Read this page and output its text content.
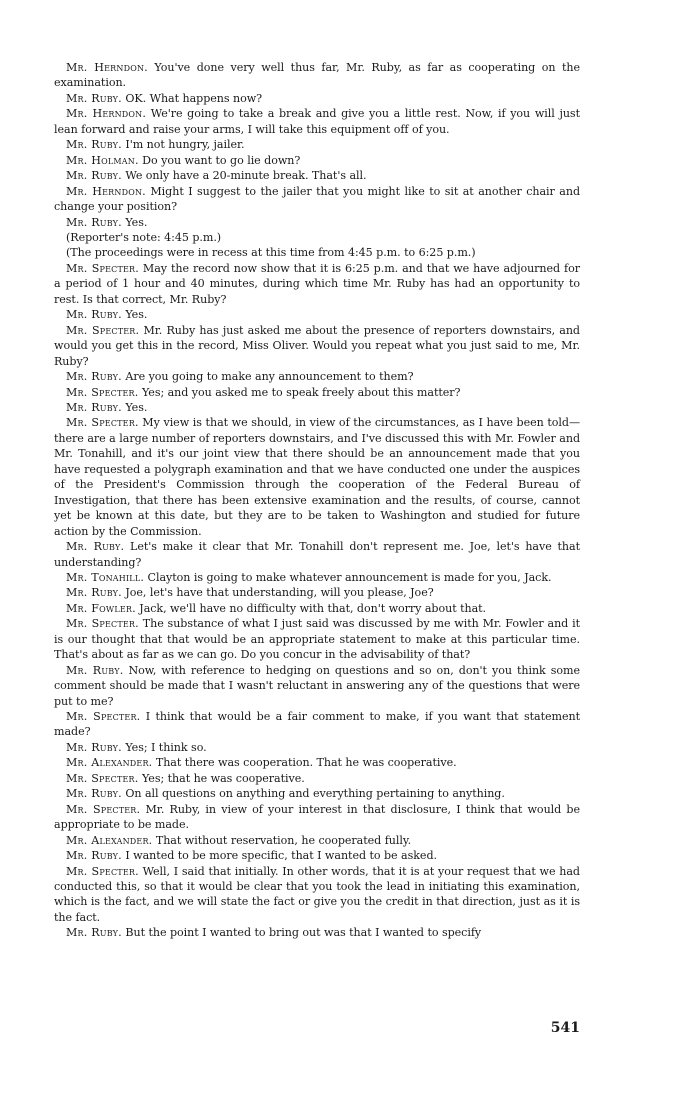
Mr. Herndon. You've done very well thus far, Mr. Ruby, as far as cooperating on the examination.

Mr. Ruby. OK. What happens now?

Mr. Herndon. We're going to take a break and give you a little rest. Now, if you will just lean forward and raise your arms, I will take this equipment off of you.

Mr. Ruby. I'm not hungry, jailer.

Mr. Holman. Do you want to go lie down?

Mr. Ruby. We only have a 20-minute break. That's all.

Mr. Herndon. Might I suggest to the jailer that you might like to sit at another chair and change your position?

Mr. Ruby. Yes.

(Reporter's note: 4:45 p.m.)

(The proceedings were in recess at this time from 4:45 p.m. to 6:25 p.m.)

Mr. Specter. May the record now show that it is 6:25 p.m. and that we have adjourned for a period of 1 hour and 40 minutes, during which time Mr. Ruby has had an opportunity to rest. Is that correct, Mr. Ruby?

Mr. Ruby. Yes.

Mr. Specter. Mr. Ruby has just asked me about the presence of reporters downstairs, and would you get this in the record, Miss Oliver. Would you repeat what you just said to me, Mr. Ruby?

Mr. Ruby. Are you going to make any announcement to them?

Mr. Specter. Yes; and you asked me to speak freely about this matter?

Mr. Ruby. Yes.

Mr. Specter. My view is that we should, in view of the circumstances, as I have been told—there are a large number of reporters downstairs, and I've discussed this with Mr. Fowler and Mr. Tonahill, and it's our joint view that there should be an announcement made that you have requested a polygraph examination and that we have conducted one under the auspices of the President's Commission through the cooperation of the Federal Bureau of Investigation, that there has been extensive examination and the results, of course, cannot yet be known at this date, but they are to be taken to Washington and studied for future action by the Commission.

Mr. Ruby. Let's make it clear that Mr. Tonahill don't represent me. Joe, let's have that understanding?

Mr. Tonahill. Clayton is going to make whatever announcement is made for you, Jack.

Mr. Ruby. Joe, let's have that understanding, will you please, Joe?

Mr. Fowler. Jack, we'll have no difficulty with that, don't worry about that.

Mr. Specter. The substance of what I just said was discussed by me with Mr. Fowler and it is our thought that that would be an appropriate statement to make at this particular time. That's about as far as we can go. Do you concur in the advisability of that?

Mr. Ruby. Now, with reference to hedging on questions and so on, don't you think some comment should be made that I wasn't reluctant in answering any of the questions that were put to me?

Mr. Specter. I think that would be a fair comment to make, if you want that statement made?

Mr. Ruby. Yes; I think so.

Mr. Alexander. That there was cooperation. That he was cooperative.

Mr. Specter. Yes; that he was cooperative.

Mr. Ruby. On all questions on anything and everything pertaining to anything.

Mr. Specter. Mr. Ruby, in view of your interest in that disclosure, I think that would be appropriate to be made.

Mr. Alexander. That without reservation, he cooperated fully.

Mr. Ruby. I wanted to be more specific, that I wanted to be asked.

Mr. Specter. Well, I said that initially. In other words, that it is at your request that we had conducted this, so that it would be clear that you took the lead in initiating this examination, which is the fact, and we will state the fact or give you the credit in that direction, just as it is the fact.

Mr. Ruby. But the point I wanted to bring out was that I wanted to specify

541
